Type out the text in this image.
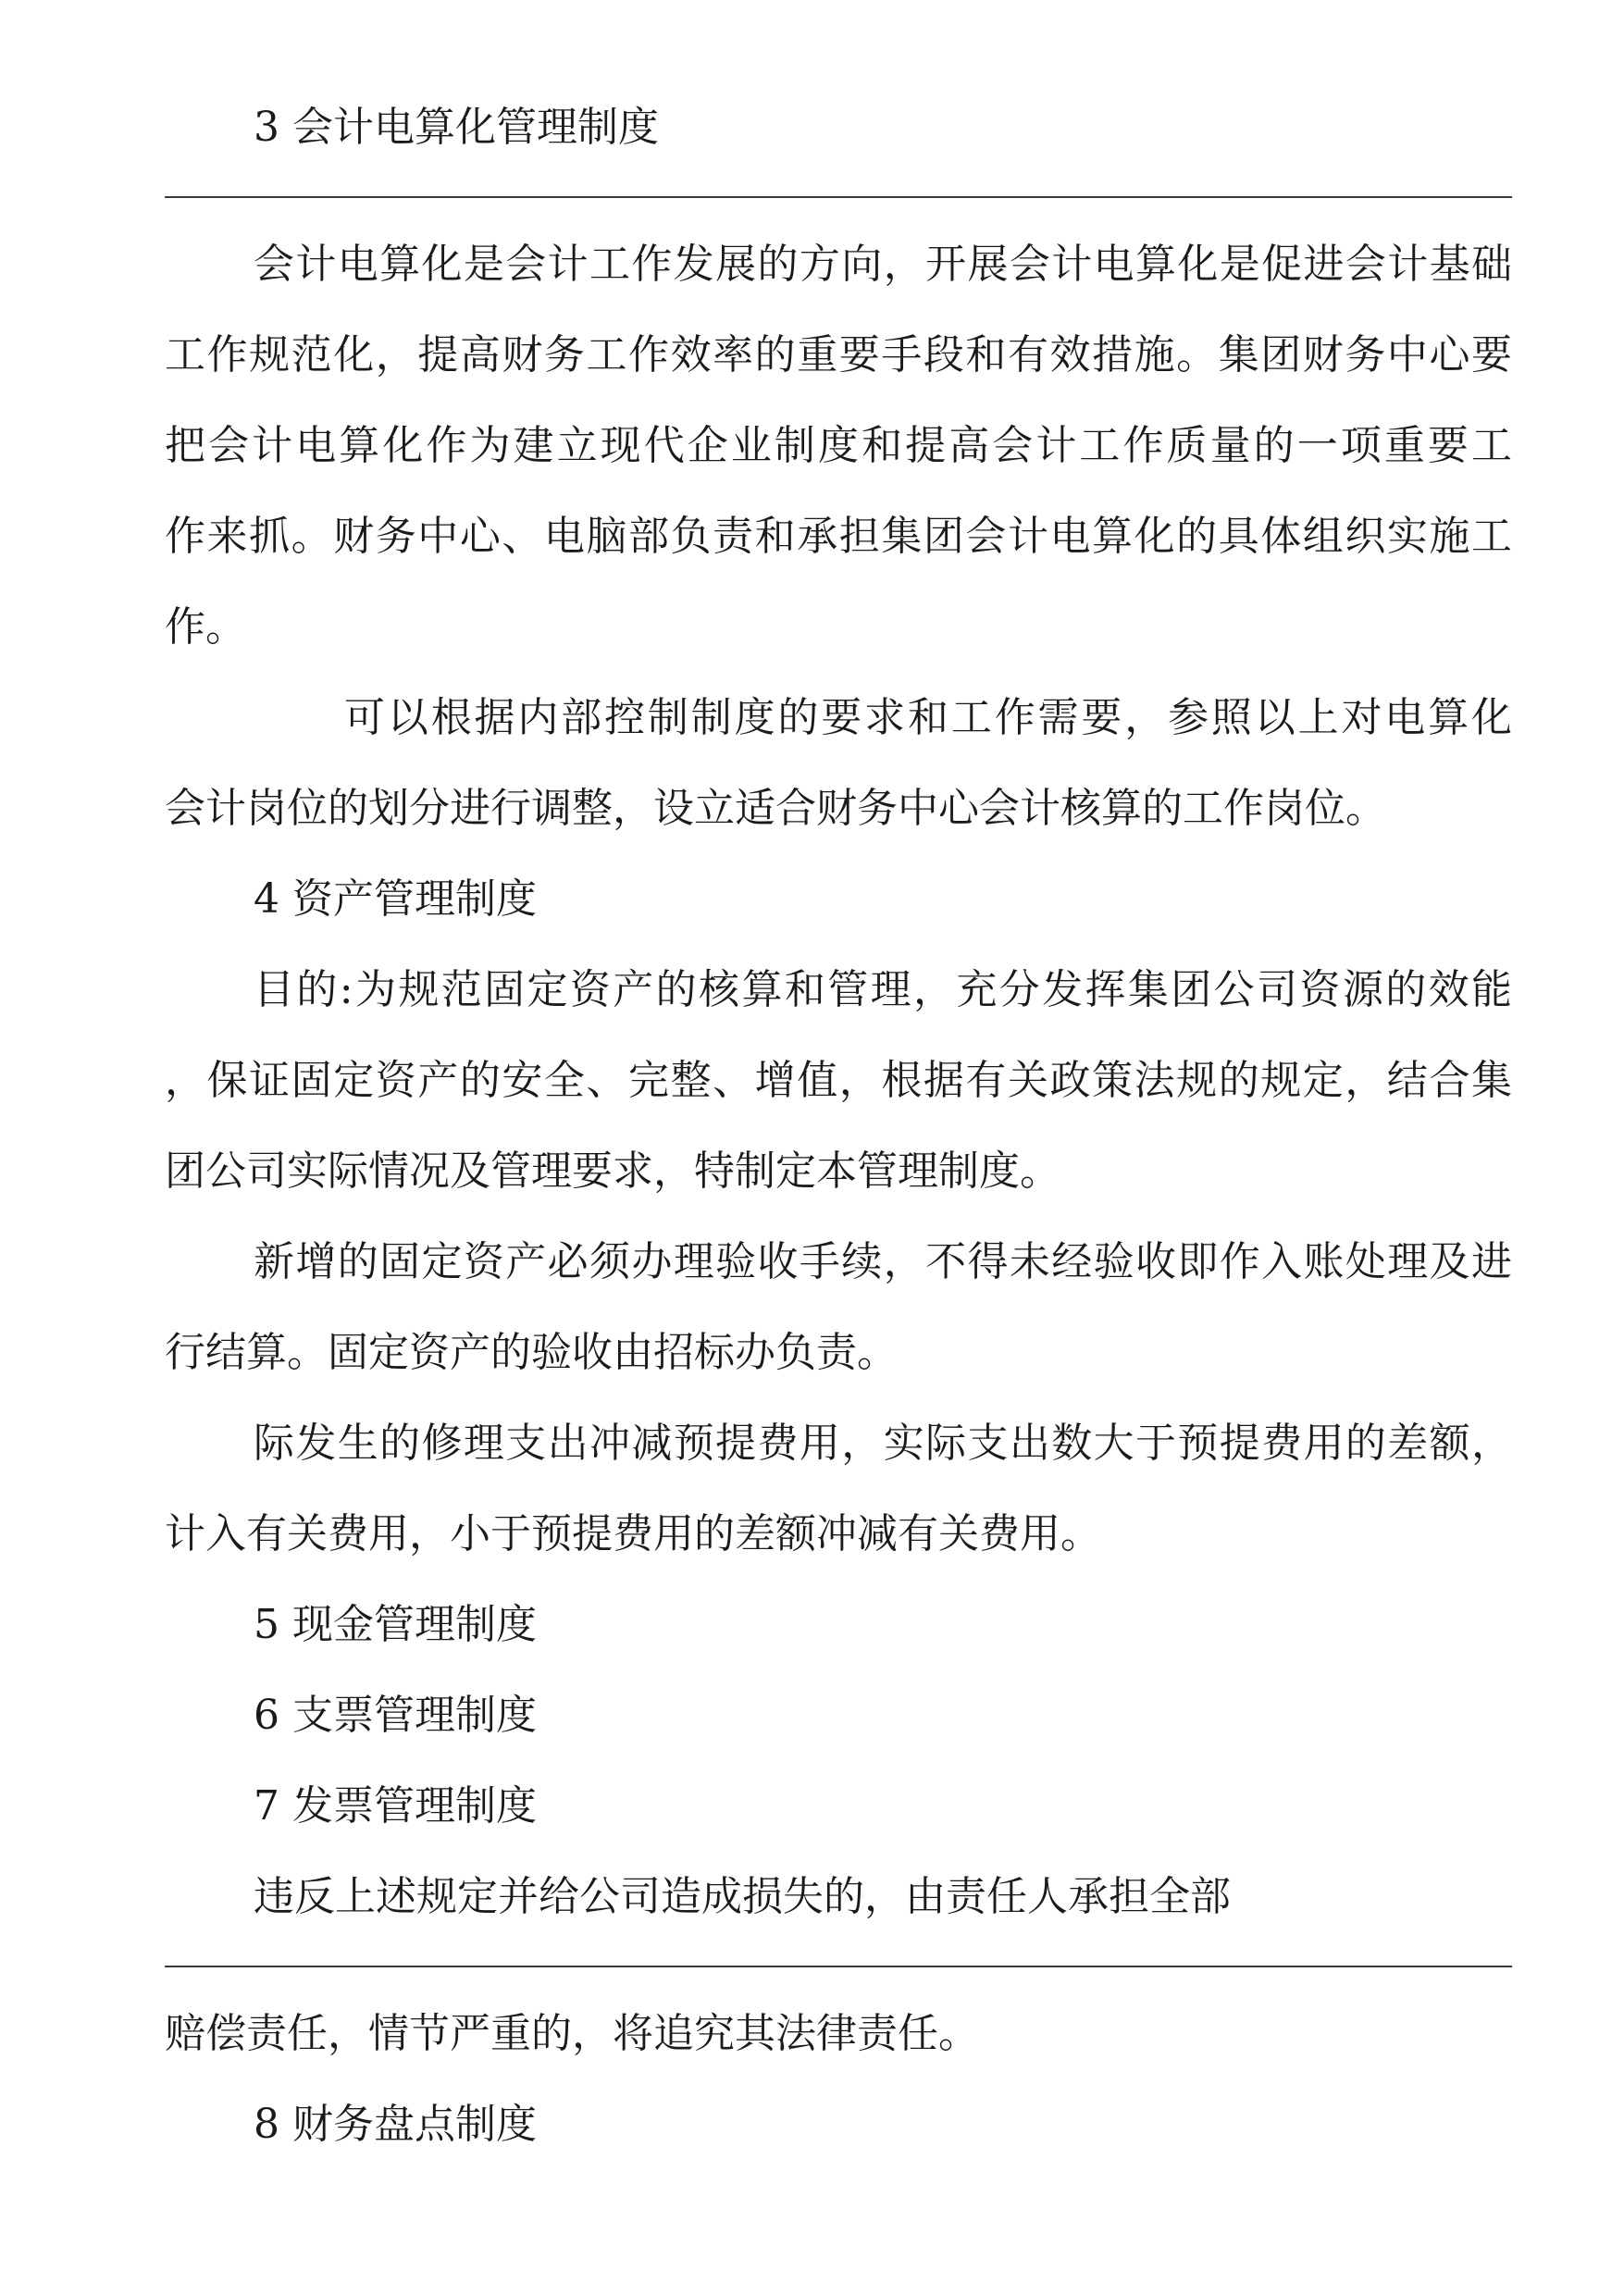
3 会计电算化管理制度
会计电算化是会计工作发展的方向，开展会计电算化是促进会计基础
工作规范化，提高财务工作效率的重要手段和有效措施。集团财务中心要
把会计电算化作为建立现代企业制度和提高会计工作质量的一项重要工
作来抓。财务中心、电脑部负责和承担集团会计电算化的具体组织实施工
作。
可以根据内部控制制度的要求和工作需要，参照以上对电算化
会计岗位的划分进行调整，设立适合财务中心会计核算的工作岗位。
4 资产管理制度
目的:为规范固定资产的核算和管理，充分发挥集团公司资源的效能
，保证固定资产的安全、完整、增值，根据有关政策法规的规定，结合集
团公司实际情况及管理要求，特制定本管理制度。
新增的固定资产必须办理验收手续，不得未经验收即作入账处理及进
行结算。固定资产的验收由招标办负责。
际发生的修理支出冲减预提费用，实际支出数大于预提费用的差额，
计入有关费用，小于预提费用的差额冲减有关费用。
5 现金管理制度
6 支票管理制度
7 发票管理制度
违反上述规定并给公司造成损失的，由责任人承担全部
赔偿责任，情节严重的，将追究其法律责任。
8 财务盘点制度
